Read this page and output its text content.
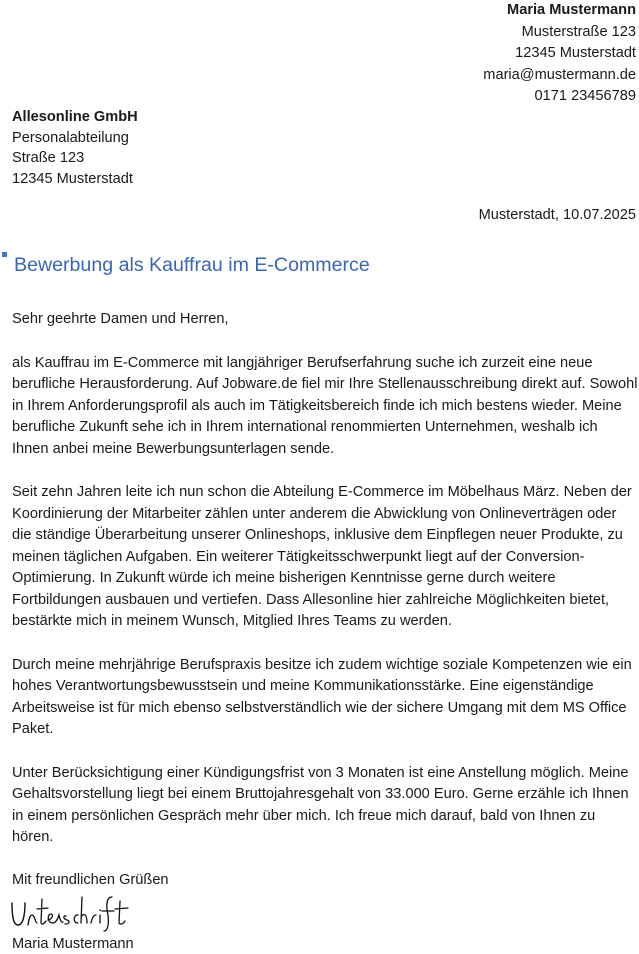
Maria Mustermann
Musterstraße 123
12345 Musterstadt
maria@mustermann.de
0171 23456789
Allesonline GmbH
Personalabteilung
Straße 123
12345 Musterstadt
Musterstadt, 10.07.2025
Bewerbung als Kauffrau im E-Commerce

Sehr geehrte Damen und Herren,

als Kauffrau im E-Commerce mit langjähriger Berufserfahrung suche ich zurzeit eine neue berufliche Herausforderung. Auf Jobware.de fiel mir Ihre Stellenausschreibung direkt auf. Sowohl in Ihrem Anforderungsprofil als auch im Tätigkeitsbereich finde ich mich bestens wieder. Meine berufliche Zukunft sehe ich in Ihrem international renommierten Unternehmen, weshalb ich Ihnen anbei meine Bewerbungsunterlagen sende.

Seit zehn Jahren leite ich nun schon die Abteilung E-Commerce im Möbelhaus März. Neben der Koordinierung der Mitarbeiter zählen unter anderem die Abwicklung von Onlineverträgen oder die ständige Überarbeitung unserer Onlineshops, inklusive dem Einpflegen neuer Produkte, zu meinen täglichen Aufgaben. Ein weiterer Tätigkeitsschwerpunkt liegt auf der Conversion-Optimierung. In Zukunft würde ich meine bisherigen Kenntnisse gerne durch weitere Fortbildungen ausbauen und vertiefen. Dass Allesonline hier zahlreiche Möglichkeiten bietet, bestärkte mich in meinem Wunsch, Mitglied Ihres Teams zu werden.

Durch meine mehrjährige Berufspraxis besitze ich zudem wichtige soziale Kompetenzen wie ein hohes Verantwortungsbewusstsein und meine Kommunikationsstärke. Eine eigenständige Arbeitsweise ist für mich ebenso selbstverständlich wie der sichere Umgang mit dem MS Office Paket.

Unter Berücksichtigung einer Kündigungsfrist von 3 Monaten ist eine Anstellung möglich. Meine Gehaltsvorstellung liegt bei einem Bruttojahresgehalt von 33.000 Euro. Gerne erzähle ich Ihnen in einem persönlichen Gespräch mehr über mich. Ich freue mich darauf, bald von Ihnen zu hören.

Mit freundlichen Grüßen
Maria Mustermann
